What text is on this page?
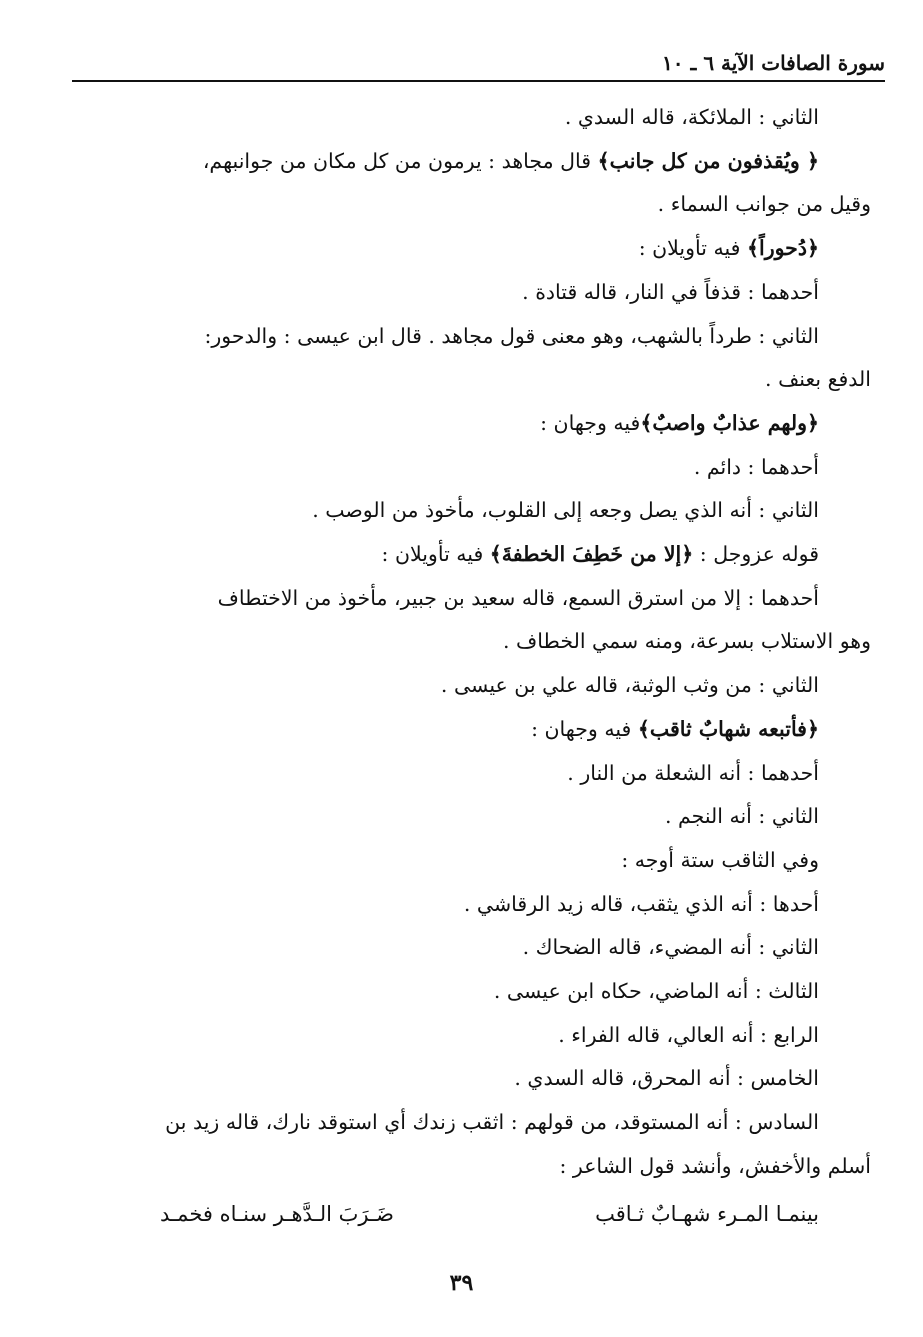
سورة الصافات الآية ٦ ـ ١٠

الثاني : الملائكة، قاله السدي .

﴿ ويُقذفون من كل جانب﴾ قال مجاهد : يرمون من كل مكان من جوانبهم،

وقيل من جوانب السماء .

﴿دُحوراً﴾ فيه تأويلان :

أحدهما : قذفاً في النار، قاله قتادة .

الثاني : طرداً بالشهب، وهو معنى قول مجاهد . قال ابن عيسى : والدحور:

الدفع بعنف .

﴿ولهم عذابٌ واصبٌ﴾فيه وجهان :

أحدهما : دائم .

الثاني : أنه الذي يصل وجعه إلى القلوب، مأخوذ من الوصب .

قوله عزوجل : ﴿إلا من خَطِفَ الخطفةَ﴾ فيه تأويلان :

أحدهما : إلا من استرق السمع، قاله سعيد بن جبير، مأخوذ من الاختطاف

وهو الاستلاب بسرعة، ومنه سمي الخطاف .

الثاني : من وثب الوثبة، قاله علي بن عيسى .

﴿فأتبعه شهابٌ ثاقب﴾ فيه وجهان :

أحدهما : أنه الشعلة من النار .

الثاني : أنه النجم .

وفي الثاقب ستة أوجه :

أحدها : أنه الذي يثقب، قاله زيد الرقاشي .

الثاني : أنه المضيء، قاله الضحاك .

الثالث : أنه الماضي، حكاه ابن عيسى .

الرابع : أنه العالي، قاله الفراء .

الخامس : أنه المحرق، قاله السدي .

السادس : أنه المستوقد، من قولهم : اثقب زندك أي استوقد نارك، قاله زيد بن

أسلم والأخفش، وأنشد قول الشاعر :

بينمـا المـرء شهـابٌ ثـاقب
ضَـرَبَ الـدَّهـر سنـاه فخمـد
٣٩
